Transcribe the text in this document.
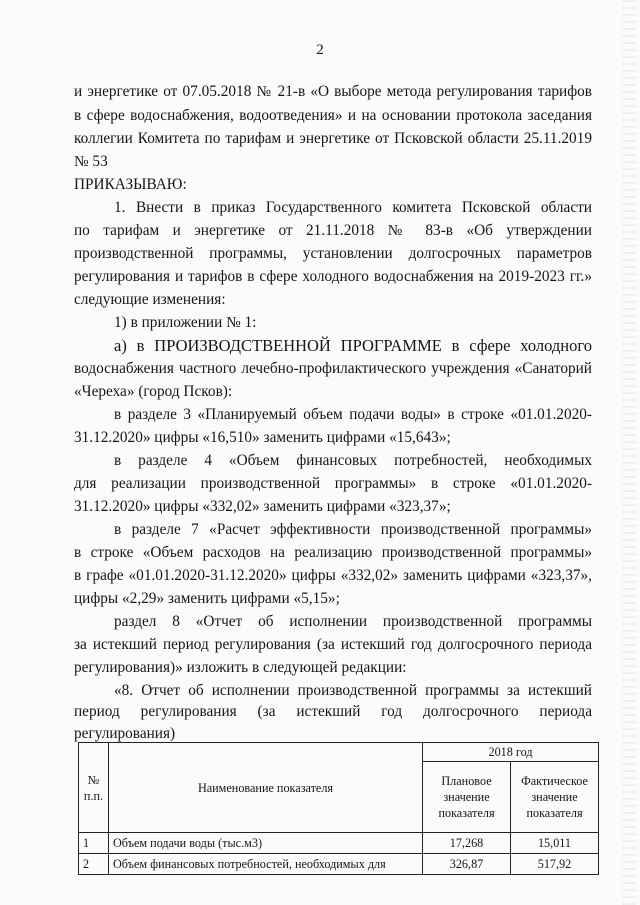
2
и энергетике от 07.05.2018 № 21-в «О выборе метода регулирования тарифов
в сфере водоснабжения, водоотведения» и на основании протокола заседания
коллегии Комитета по тарифам и энергетике от Псковской области 25.11.2019
№ 53
ПРИКАЗЫВАЮ:
1. Внести в приказ Государственного комитета Псковской области
по тарифам и энергетике от 21.11.2018 № 83-в «Об утверждении
производственной программы, установлении долгосрочных параметров
регулирования и тарифов в сфере холодного водоснабжения на 2019-2023 гг.»
следующие изменения:
1) в приложении № 1:
а) в ПРОИЗВОДСТВЕННОЙ ПРОГРАММЕ в сфере холодного
водоснабжения частного лечебно-профилактического учреждения «Санаторий
«Череха» (город Псков):
в разделе 3 «Планируемый объем подачи воды» в строке «01.01.2020-
31.12.2020» цифры «16,510» заменить цифрами «15,643»;
в разделе 4 «Объем финансовых потребностей, необходимых
для реализации производственной программы» в строке «01.01.2020-
31.12.2020» цифры «332,02» заменить цифрами «323,37»;
в разделе 7 «Расчет эффективности производственной программы»
в строке «Объем расходов на реализацию производственной программы»
в графе «01.01.2020-31.12.2020» цифры «332,02» заменить цифрами «323,37»,
цифры «2,29» заменить цифрами «5,15»;
раздел 8 «Отчет об исполнении производственной программы
за истекший период регулирования (за истекший год долгосрочного периода
регулирования)» изложить в следующей редакции:
«8. Отчет об исполнении производственной программы за истекший
период регулирования (за истекший год долгосрочного периода
регулирования)
№ п.п.	Наименование показателя	2018 год	
		Плановое значение показателя	Фактическое значение показателя
1	Объем подачи воды (тыс.м3)	17,268	15,011
2	Объем финансовых потребностей, необходимых для	326,87	517,92
